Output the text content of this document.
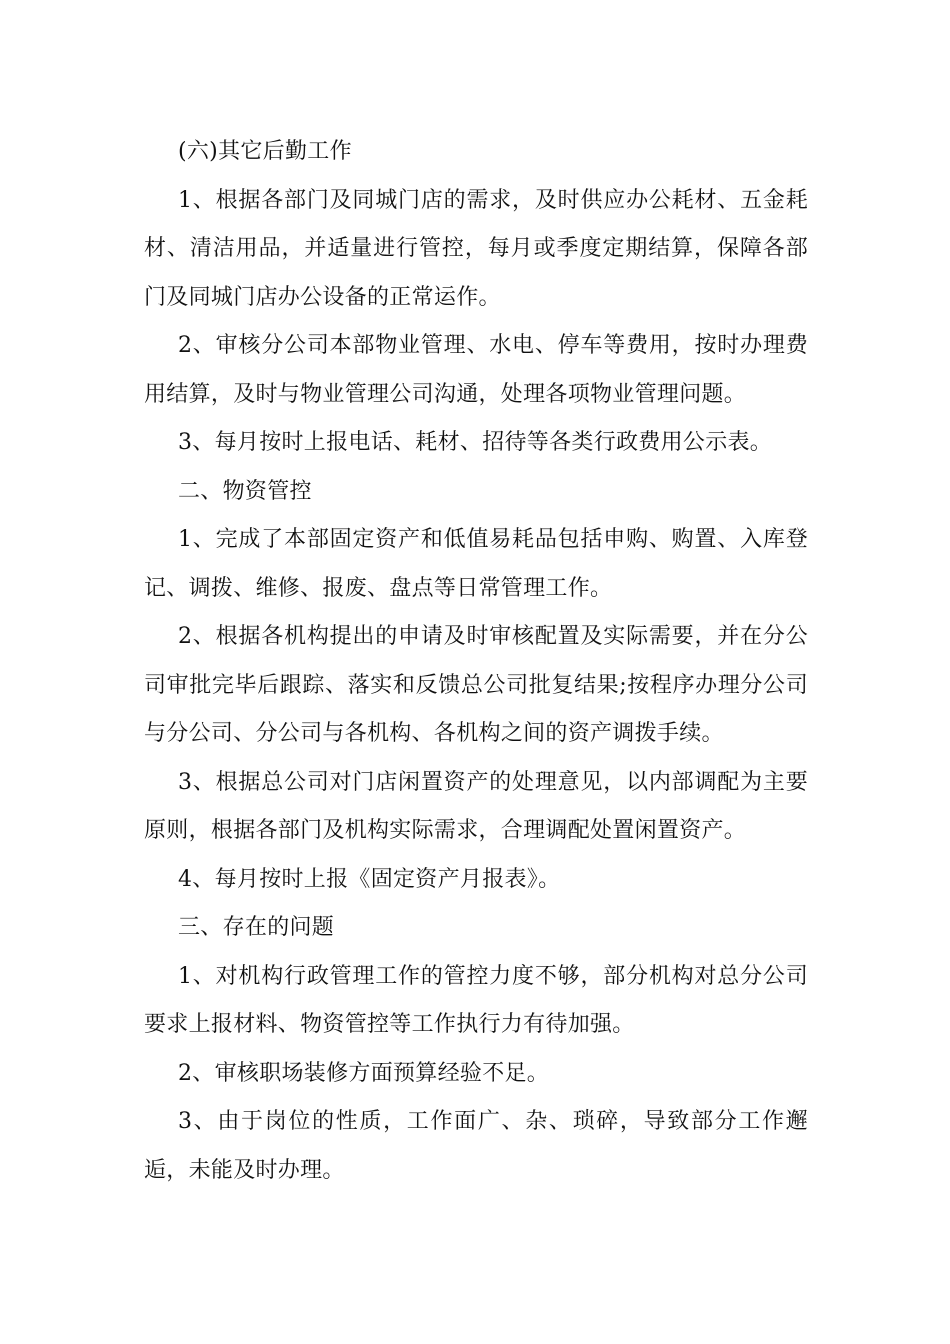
(六)其它后勤工作

1、根据各部门及同城门店的需求，及时供应办公耗材、五金耗材、清洁用品，并适量进行管控，每月或季度定期结算，保障各部门及同城门店办公设备的正常运作。

2、审核分公司本部物业管理、水电、停车等费用，按时办理费用结算，及时与物业管理公司沟通，处理各项物业管理问题。

3、每月按时上报电话、耗材、招待等各类行政费用公示表。

二、物资管控

1、完成了本部固定资产和低值易耗品包括申购、购置、入库登记、调拨、维修、报废、盘点等日常管理工作。

2、根据各机构提出的申请及时审核配置及实际需要，并在分公司审批完毕后跟踪、落实和反馈总公司批复结果;按程序办理分公司与分公司、分公司与各机构、各机构之间的资产调拨手续。

3、根据总公司对门店闲置资产的处理意见，以内部调配为主要原则，根据各部门及机构实际需求，合理调配处置闲置资产。

4、每月按时上报《固定资产月报表》。

三、存在的问题

1、对机构行政管理工作的管控力度不够，部分机构对总分公司要求上报材料、物资管控等工作执行力有待加强。

2、审核职场装修方面预算经验不足。

3、由于岗位的性质，工作面广、杂、琐碎，导致部分工作邂逅，未能及时办理。
